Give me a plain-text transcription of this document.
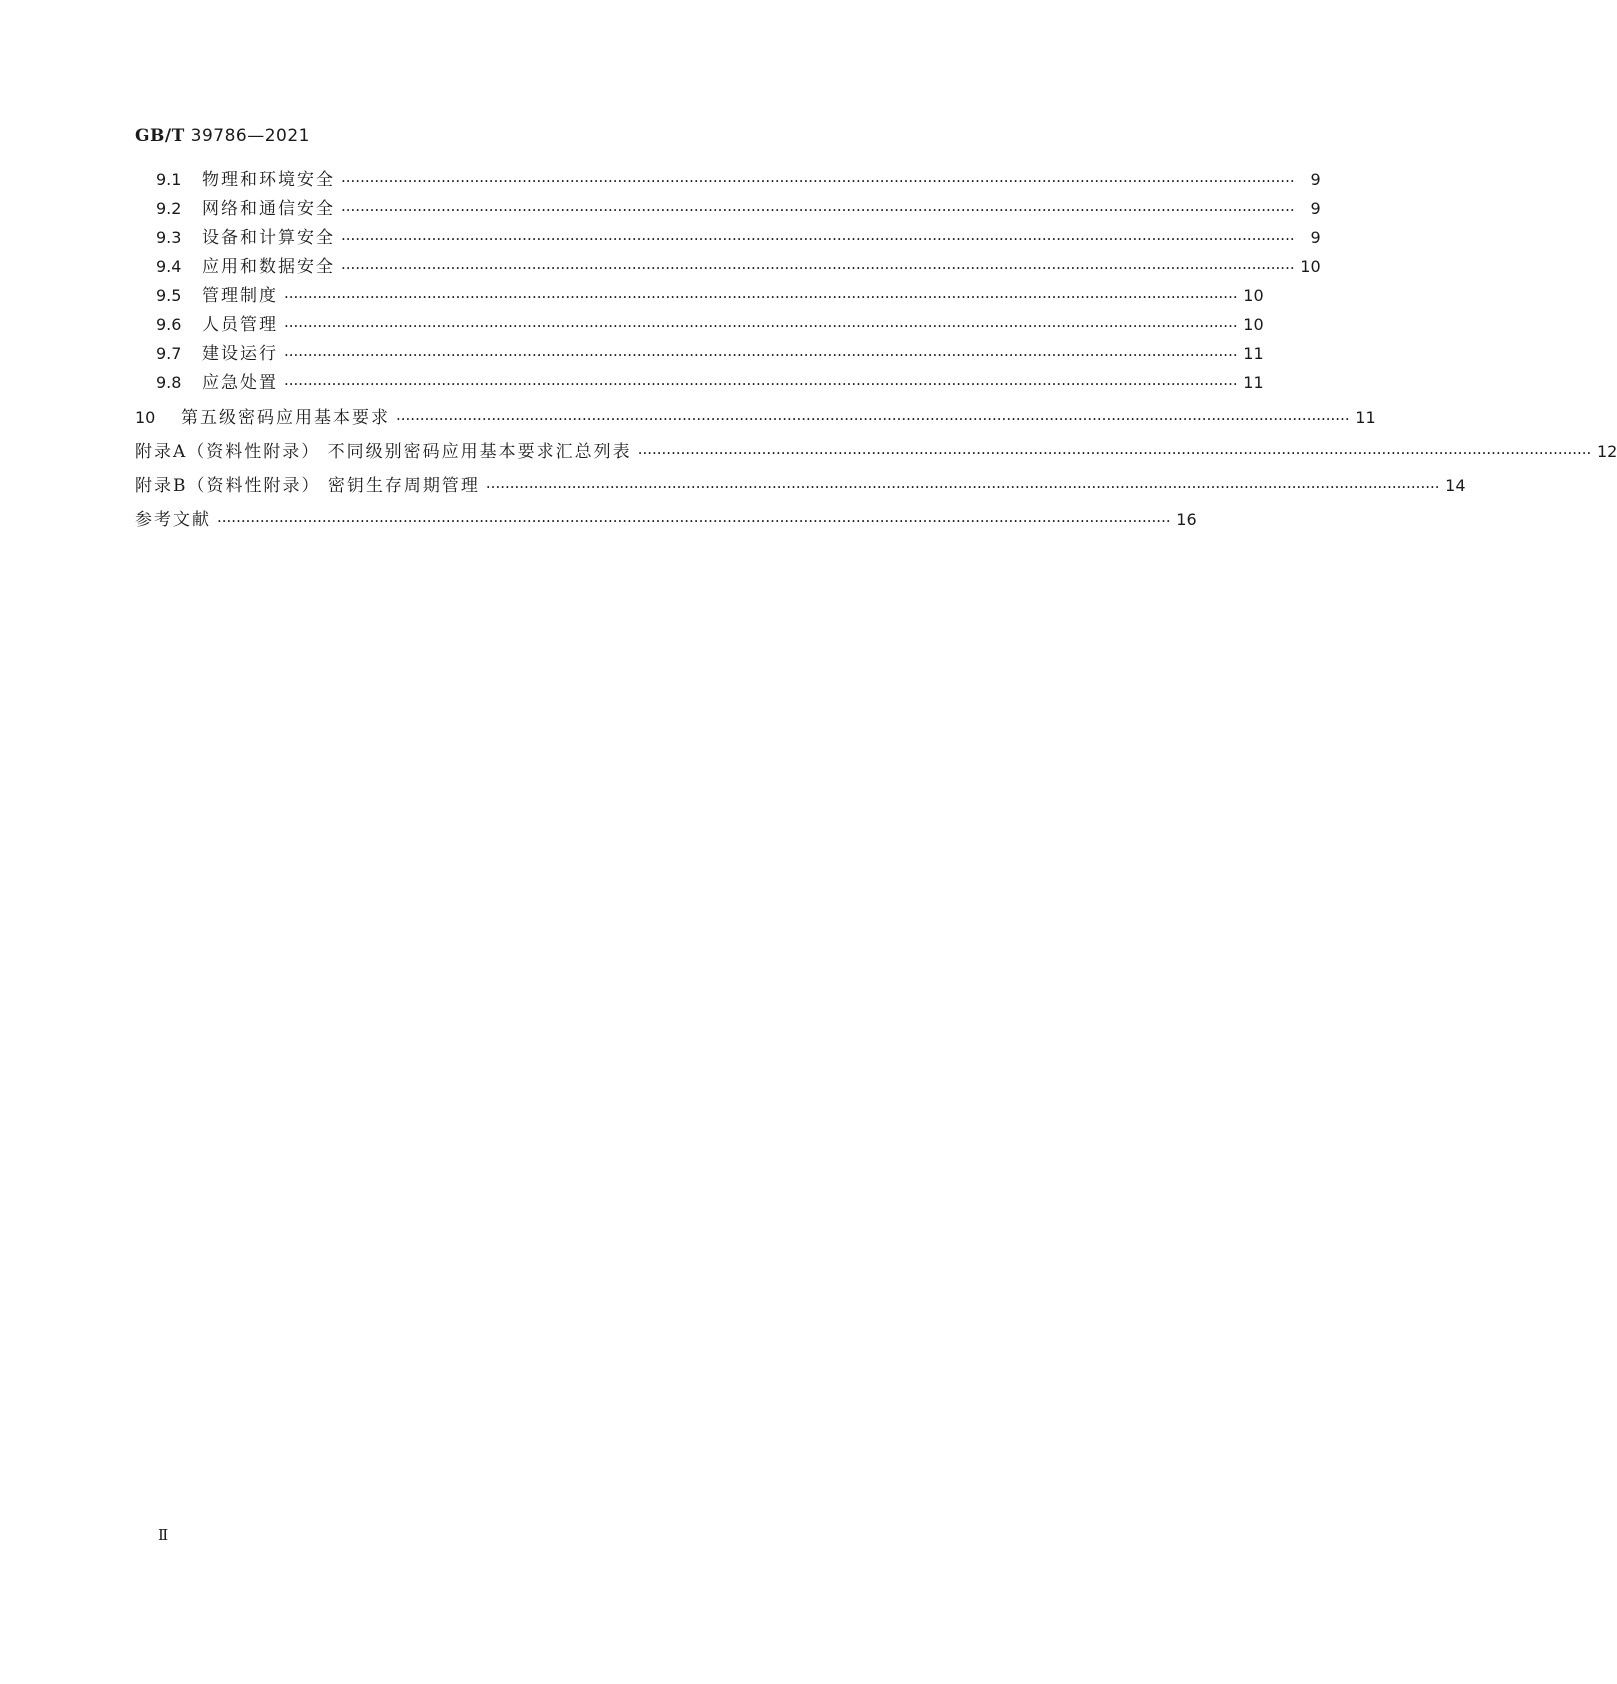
GB/T 39786—2021
9.1	物理和环境安全 ········································································································································································································ 9
9.2	网络和通信安全 ········································································································································································································ 9
9.3	设备和计算安全 ········································································································································································································ 9
9.4	应用和数据安全 ········································································································································································································ 10
9.5	管理制度 ········································································································································································································ 10
9.6	人员管理 ········································································································································································································ 10
9.7	建设运行 ········································································································································································································ 11
9.8	应急处置 ········································································································································································································ 11
10	第五级密码应用基本要求 ········································································································································································································ 11
附录A（资料性附录） 不同级别密码应用基本要求汇总列表 ········································································································································································································ 12
附录B（资料性附录） 密钥生存周期管理 ········································································································································································································ 14
参考文献 ········································································································································································································ 16
Ⅱ
